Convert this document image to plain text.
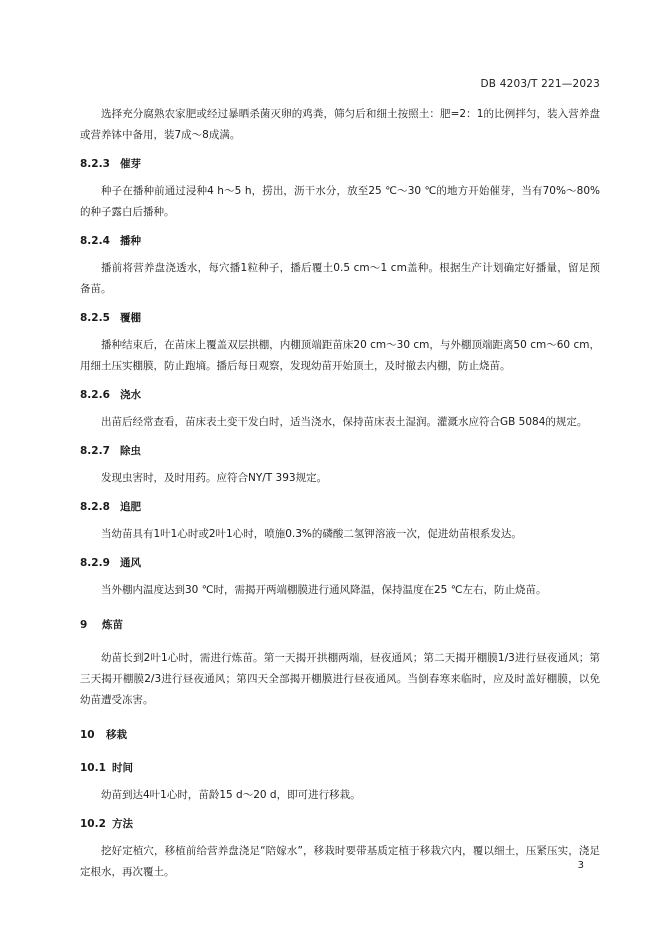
DB 4203/T 221—2023

选择充分腐熟农家肥或经过暴晒杀菌灭卵的鸡粪，筛匀后和细土按照土：肥=2：1的比例拌匀，装入营养盘或营养钵中备用，装7成～8成满。

8.2.3 催芽

种子在播种前通过浸种4 h～5 h，捞出，沥干水分，放至25 ℃～30 ℃的地方开始催芽，当有70%～80%的种子露白后播种。

8.2.4 播种

播前将营养盘浇透水，每穴播1粒种子，播后覆土0.5 cm～1 cm盖种。根据生产计划确定好播量，留足预备苗。

8.2.5 覆棚

播种结束后，在苗床上覆盖双层拱棚，内棚顶端距苗床20 cm～30 cm，与外棚顶端距离50 cm～60 cm，用细土压实棚膜，防止跑墒。播后每日观察，发现幼苗开始顶土，及时撤去内棚，防止烧苗。

8.2.6 浇水

出苗后经常查看，苗床表土变干发白时，适当浇水，保持苗床表土湿润。灌溉水应符合GB 5084的规定。

8.2.7 除虫

发现虫害时，及时用药。应符合NY/T 393规定。

8.2.8 追肥

当幼苗具有1叶1心时或2叶1心时，喷施0.3%的磷酸二氢钾溶液一次，促进幼苗根系发达。

8.2.9 通风

当外棚内温度达到30 ℃时，需揭开两端棚膜进行通风降温，保持温度在25 ℃左右，防止烧苗。

9	炼苗

幼苗长到2叶1心时，需进行炼苗。第一天揭开拱棚两端，昼夜通风；第二天揭开棚膜1/3进行昼夜通风；第三天揭开棚膜2/3进行昼夜通风；第四天全部揭开棚膜进行昼夜通风。当倒春寒来临时，应及时盖好棚膜，以免幼苗遭受冻害。

10	移栽
10.1 时间

幼苗到达4叶1心时，苗龄15 d～20 d，即可进行移栽。

10.2 方法

挖好定植穴，移植前给营养盘浇足“陪嫁水”，移栽时要带基质定植于移栽穴内，覆以细土，压紧压实，浇足定根水，再次覆土。

3
